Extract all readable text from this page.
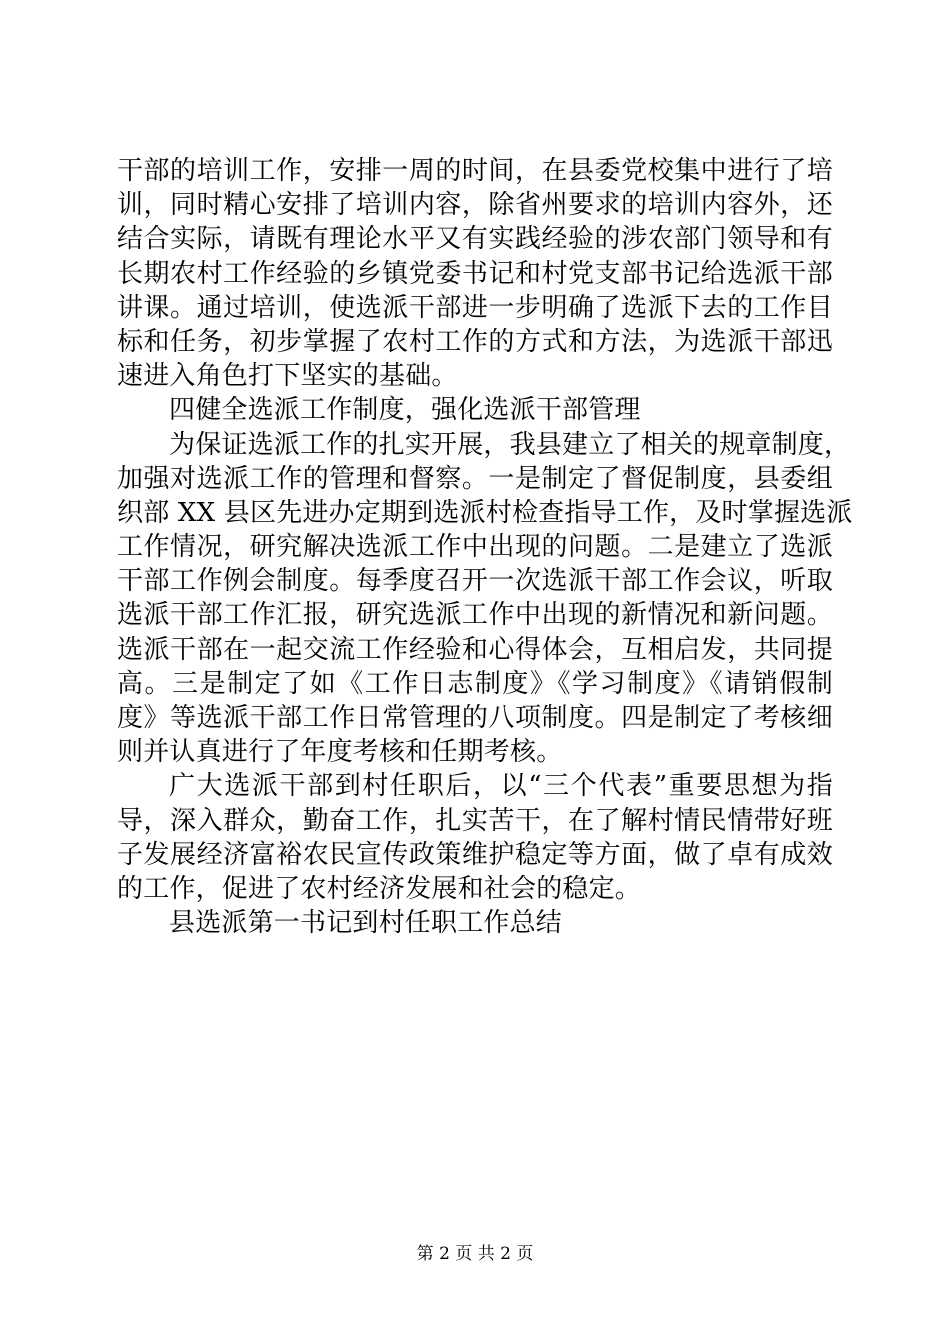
干部的培训工作，安排一周的时间，在县委党校集中进行了培
训，同时精心安排了培训内容，除省州要求的培训内容外，还
结合实际，请既有理论水平又有实践经验的涉农部门领导和有
长期农村工作经验的乡镇党委书记和村党支部书记给选派干部
讲课。通过培训，使选派干部进一步明确了选派下去的工作目
标和任务，初步掌握了农村工作的方式和方法，为选派干部迅
速进入角色打下坚实的基础。
四健全选派工作制度，强化选派干部管理
为保证选派工作的扎实开展，我县建立了相关的规章制度，
加强对选派工作的管理和督察。一是制定了督促制度，县委组
织部 XX 县区先进办定期到选派村检查指导工作，及时掌握选派
工作情况，研究解决选派工作中出现的问题。二是建立了选派
干部工作例会制度。每季度召开一次选派干部工作会议，听取
选派干部工作汇报，研究选派工作中出现的新情况和新问题。
选派干部在一起交流工作经验和心得体会，互相启发，共同提
高。三是制定了如《工作日志制度》《学习制度》《请销假制
度》等选派干部工作日常管理的八项制度。四是制定了考核细
则并认真进行了年度考核和任期考核。
广大选派干部到村任职后，以“三个代表”重要思想为指
导，深入群众，勤奋工作，扎实苦干，在了解村情民情带好班
子发展经济富裕农民宣传政策维护稳定等方面，做了卓有成效
的工作，促进了农村经济发展和社会的稳定。
县选派第一书记到村任职工作总结
第 2 页 共 2 页
